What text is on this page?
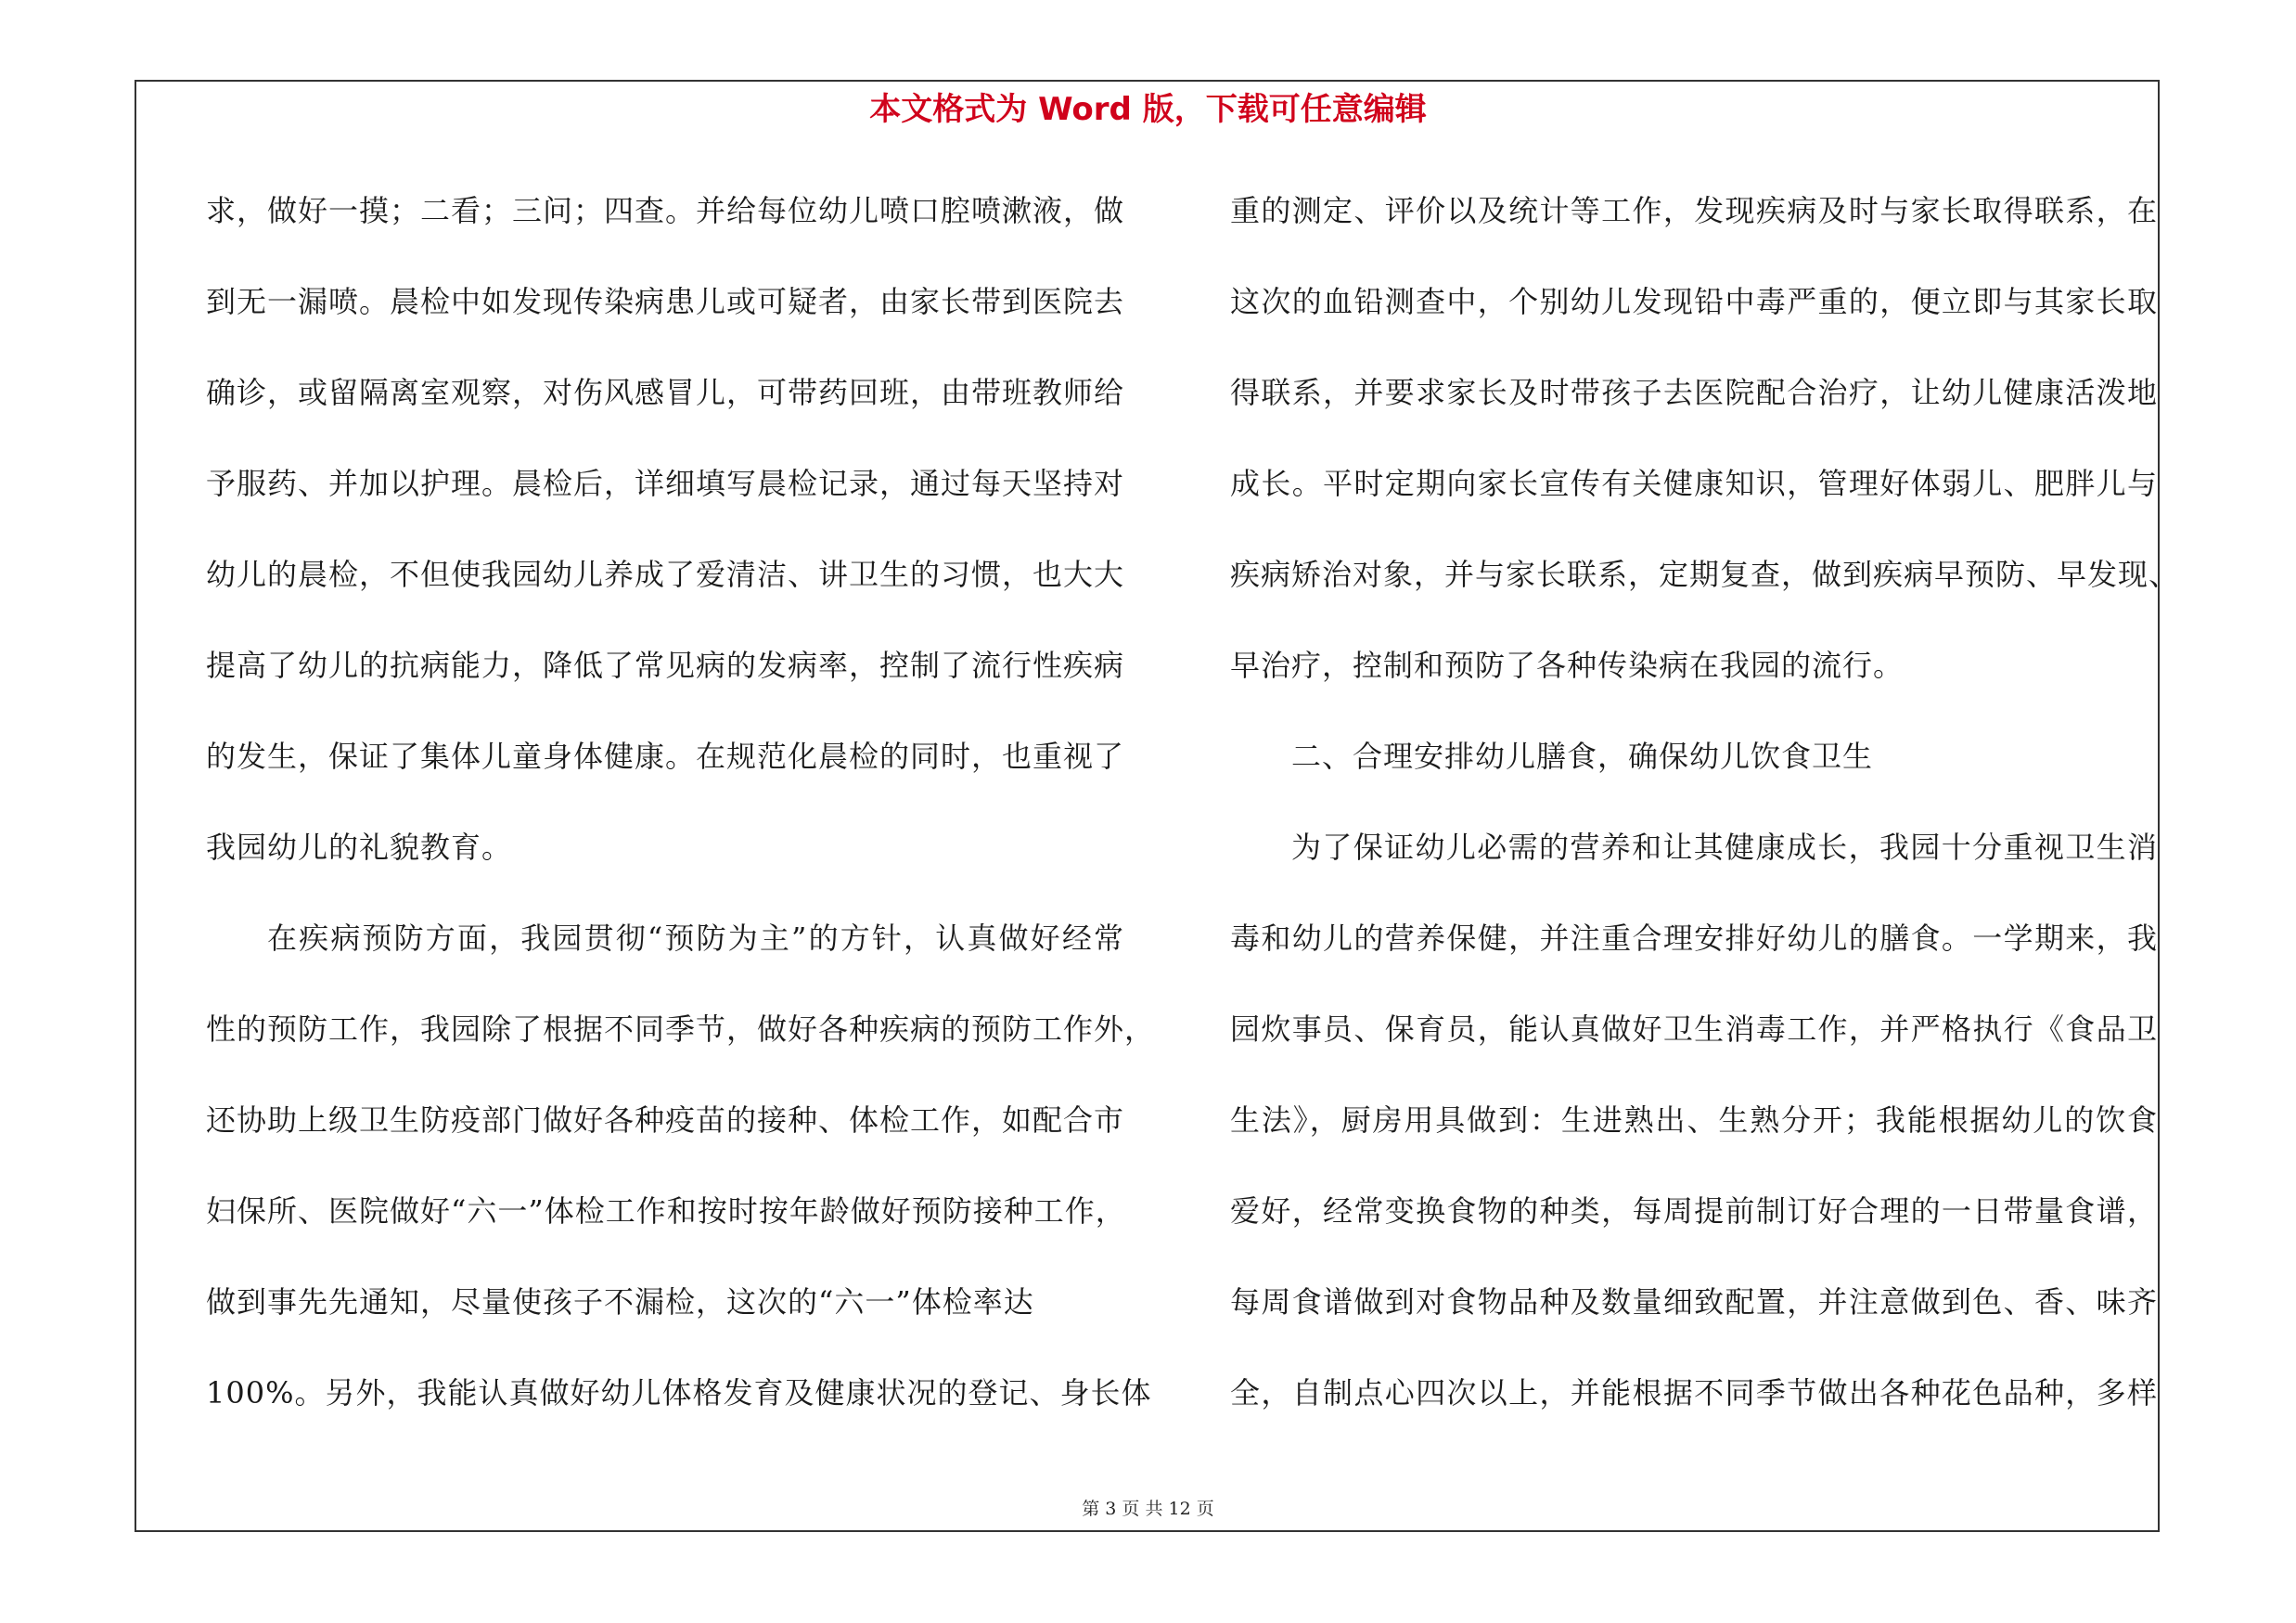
本文格式为 Word 版，下载可任意编辑
求，做好一摸；二看；三问；四查。并给每位幼儿喷口腔喷漱液，做
到无一漏喷。晨检中如发现传染病患儿或可疑者，由家长带到医院去
确诊，或留隔离室观察，对伤风感冒儿，可带药回班，由带班教师给
予服药、并加以护理。晨检后，详细填写晨检记录，通过每天坚持对
幼儿的晨检，不但使我园幼儿养成了爱清洁、讲卫生的习惯，也大大
提高了幼儿的抗病能力，降低了常见病的发病率，控制了流行性疾病
的发生，保证了集体儿童身体健康。在规范化晨检的同时，也重视了
我园幼儿的礼貌教育。
在疾病预防方面，我园贯彻“预防为主”的方针，认真做好经常
性的预防工作，我园除了根据不同季节，做好各种疾病的预防工作外，
还协助上级卫生防疫部门做好各种疫苗的接种、体检工作，如配合市
妇保所、医院做好“六一”体检工作和按时按年龄做好预防接种工作，
做到事先先通知，尽量使孩子不漏检，这次的“六一”体检率达
100%。另外，我能认真做好幼儿体格发育及健康状况的登记、身长体
重的测定、评价以及统计等工作，发现疾病及时与家长取得联系，在
这次的血铅测查中，个别幼儿发现铅中毒严重的，便立即与其家长取
得联系，并要求家长及时带孩子去医院配合治疗，让幼儿健康活泼地
成长。平时定期向家长宣传有关健康知识，管理好体弱儿、肥胖儿与
疾病矫治对象，并与家长联系，定期复查，做到疾病早预防、早发现、
早治疗，控制和预防了各种传染病在我园的流行。
二、合理安排幼儿膳食，确保幼儿饮食卫生
为了保证幼儿必需的营养和让其健康成长，我园十分重视卫生消
毒和幼儿的营养保健，并注重合理安排好幼儿的膳食。一学期来，我
园炊事员、保育员，能认真做好卫生消毒工作，并严格执行《食品卫
生法》，厨房用具做到：生进熟出、生熟分开；我能根据幼儿的饮食
爱好，经常变换食物的种类，每周提前制订好合理的一日带量食谱，
每周食谱做到对食物品种及数量细致配置，并注意做到色、香、味齐
全，自制点心四次以上，并能根据不同季节做出各种花色品种，多样
第 3 页 共 12 页
